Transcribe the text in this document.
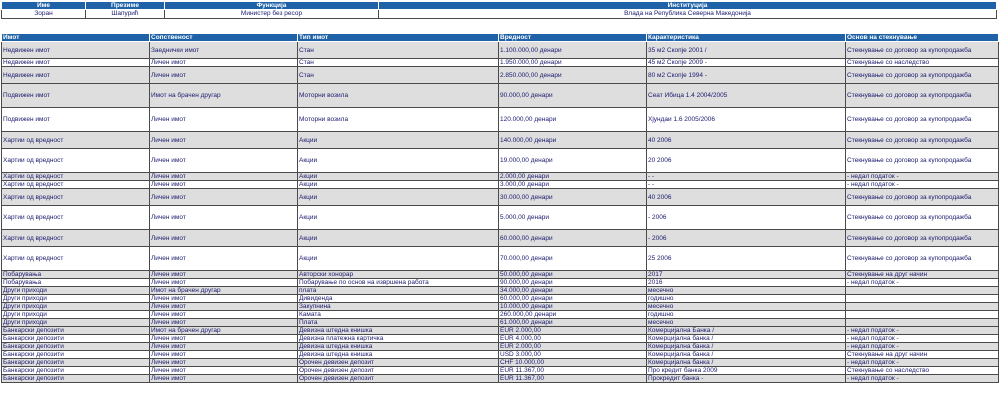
Име	Презиме	Функција	Институција
Зоран	Шапурић	Министер без ресор	Влада на Република Северна Македонија
Имот	Сопственост	Тип имот	Вредност	Карактеристика	Основ на стекнување
Недвижен имот	Заеднички имот	Стан	1.100.000,00 денари	35 м2 Скопје 2001 /	Стекнување со договор за купопродажба
Недвижен имот	Личен имот	Стан	1.950.000,00 денари	45 м2 Скопје 2009 -	Стекнување со наследство
Недвижен имот	Личен имот	Стан	2.850.000,00 денари	80 м2 Скопје 1994 -	Стекнување со договор за купопродажба
Подвижен имот	Имот на брачен другар	Моторни возила	90.000,00 денари	Сеат Ибица 1.4 2004/2005	Стекнување со договор за купопродажба
Подвижен имот	Личен имот	Моторни возила	120.000,00 денари	Хјундаи 1.6 2005/2006	Стекнување со договор за купопродажба
Хартии од вредност	Личен имот	Акции	140.000,00 денари	40 2006	Стекнување со договор за купопродажба
Хартии од вредност	Личен имот	Акции	19.000,00 денари	20 2006	Стекнување со договор за купопродажба
Хартии од вредност	Личен имот	Акции	2.000,00 денари	- -	- недал податок -
Хартии од вредност	Личен имот	Акции	3.000,00 денари	- -	- недал податок -
Хартии од вредност	Личен имот	Акции	30.000,00 денари	40 2006	Стекнување со договор за купопродажба
Хартии од вредност	Личен имот	Акции	5.000,00 денари	- 2006	Стекнување со договор за купопродажба
Хартии од вредност	Личен имот	Акции	60.000,00 денари	- 2006	Стекнување со договор за купопродажба
Хартии од вредност	Личен имот	Акции	70.000,00 денари	25 2006	Стекнување со договор за купопродажба
Побарувања	Личен имот	Авторски хонорар	50.000,00 денари	2017	Стекнување на друг начин
Побарувања	Личен имот	Побарување по основ на извршена работа	90.000,00 денари	2016	- недал податок -
Други приходи	Имот на брачен другар	плата	34.000,00 денари	месечно	
Други приходи	Личен имот	Дивиденда	60.000,00 денари	годишно	
Други приходи	Личен имот	Закупнина	10.000,00 денари	месечно	
Други приходи	Личен имот	Камата	260.000,00 денари	годишно	
Други приходи	Личен имот	Плата	61.000,00 денари	месечно	
Банкарски депозити	Имот на брачен другар	Девизна штедна книшка	EUR 2.000,00	Комерцијална Банка /	- недал податок -
Банкарски депозити	Личен имот	Девизна платежна картичка	EUR 4.000,00	Комерцијална банка /	- недал податок -
Банкарски депозити	Личен имот	Девизна штедна книшка	EUR 2.000,00	Комерцијална банка /	- недал податок -
Банкарски депозити	Личен имот	Девизна штедна книшка	USD 3.000,00	Комерцијална банка /	Стекнување на друг начин
Банкарски депозити	Личен имот	Орочен девизен депозит	CHF 10.000,00	Комерцијална банка /	- недал податок -
Банкарски депозити	Личен имот	Орочен девизен депозит	EUR 11.367,00	Про кредит банка 2009	Стекнување со наследство
Банкарски депозити	Личен имот	Орочен девизен депозит	EUR 11.367,00	Прокредит банка -	- недал податок -
